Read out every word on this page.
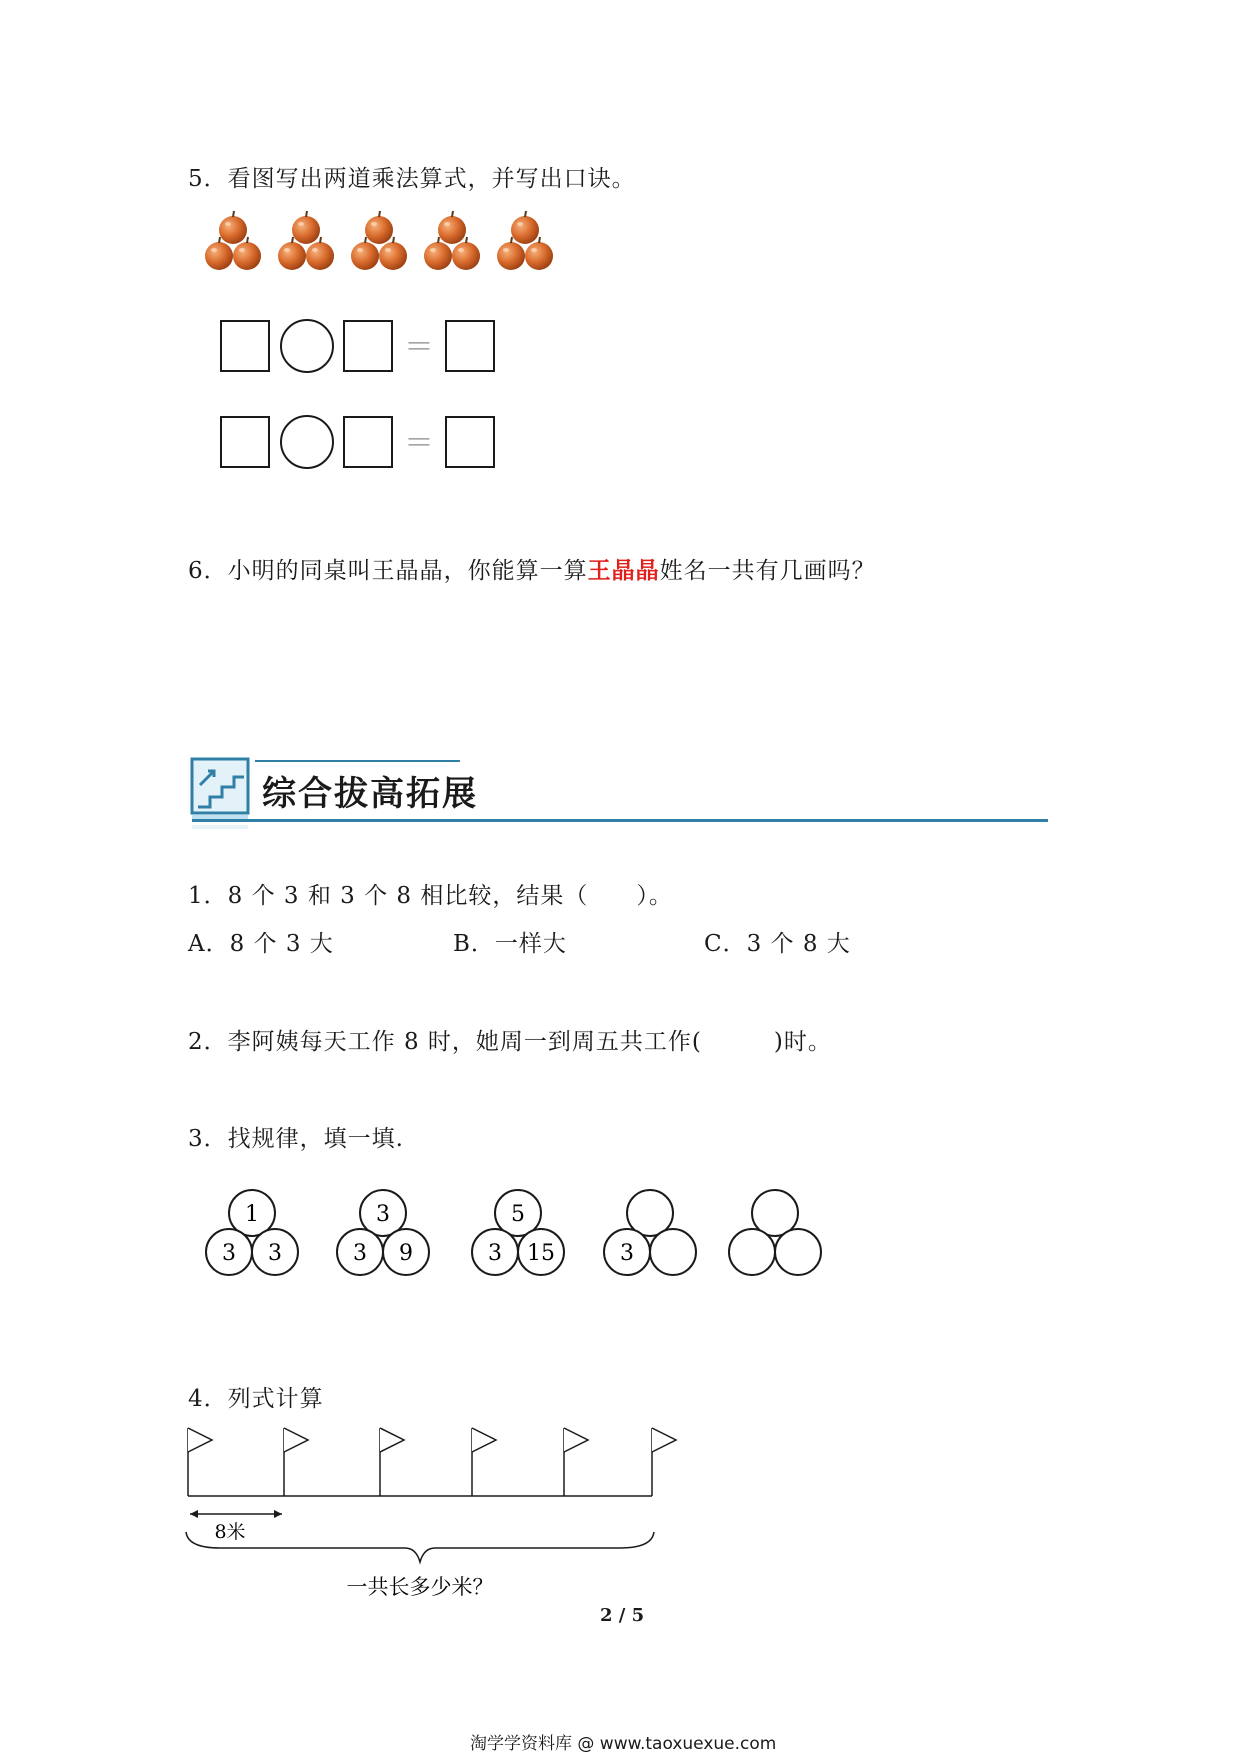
5．看图写出两道乘法算式，并写出口诀。
＝
＝
6．小明的同桌叫王晶晶，你能算一算王晶晶姓名一共有几画吗？
综合拔高拓展
1．8 个 3 和 3 个 8 相比较，结果（　　）。
A．8 个 3 大	B．一样大	C．3 个 8 大
2．李阿姨每天工作 8 时，她周一到周五共工作(　　　)时。
3．找规律，填一填.
1
3 3
3
3 9
5
3 15	3
4．列式计算
8米
一共长多少米？
2 / 5
淘学学资料库 @ www.taoxuexue.com
